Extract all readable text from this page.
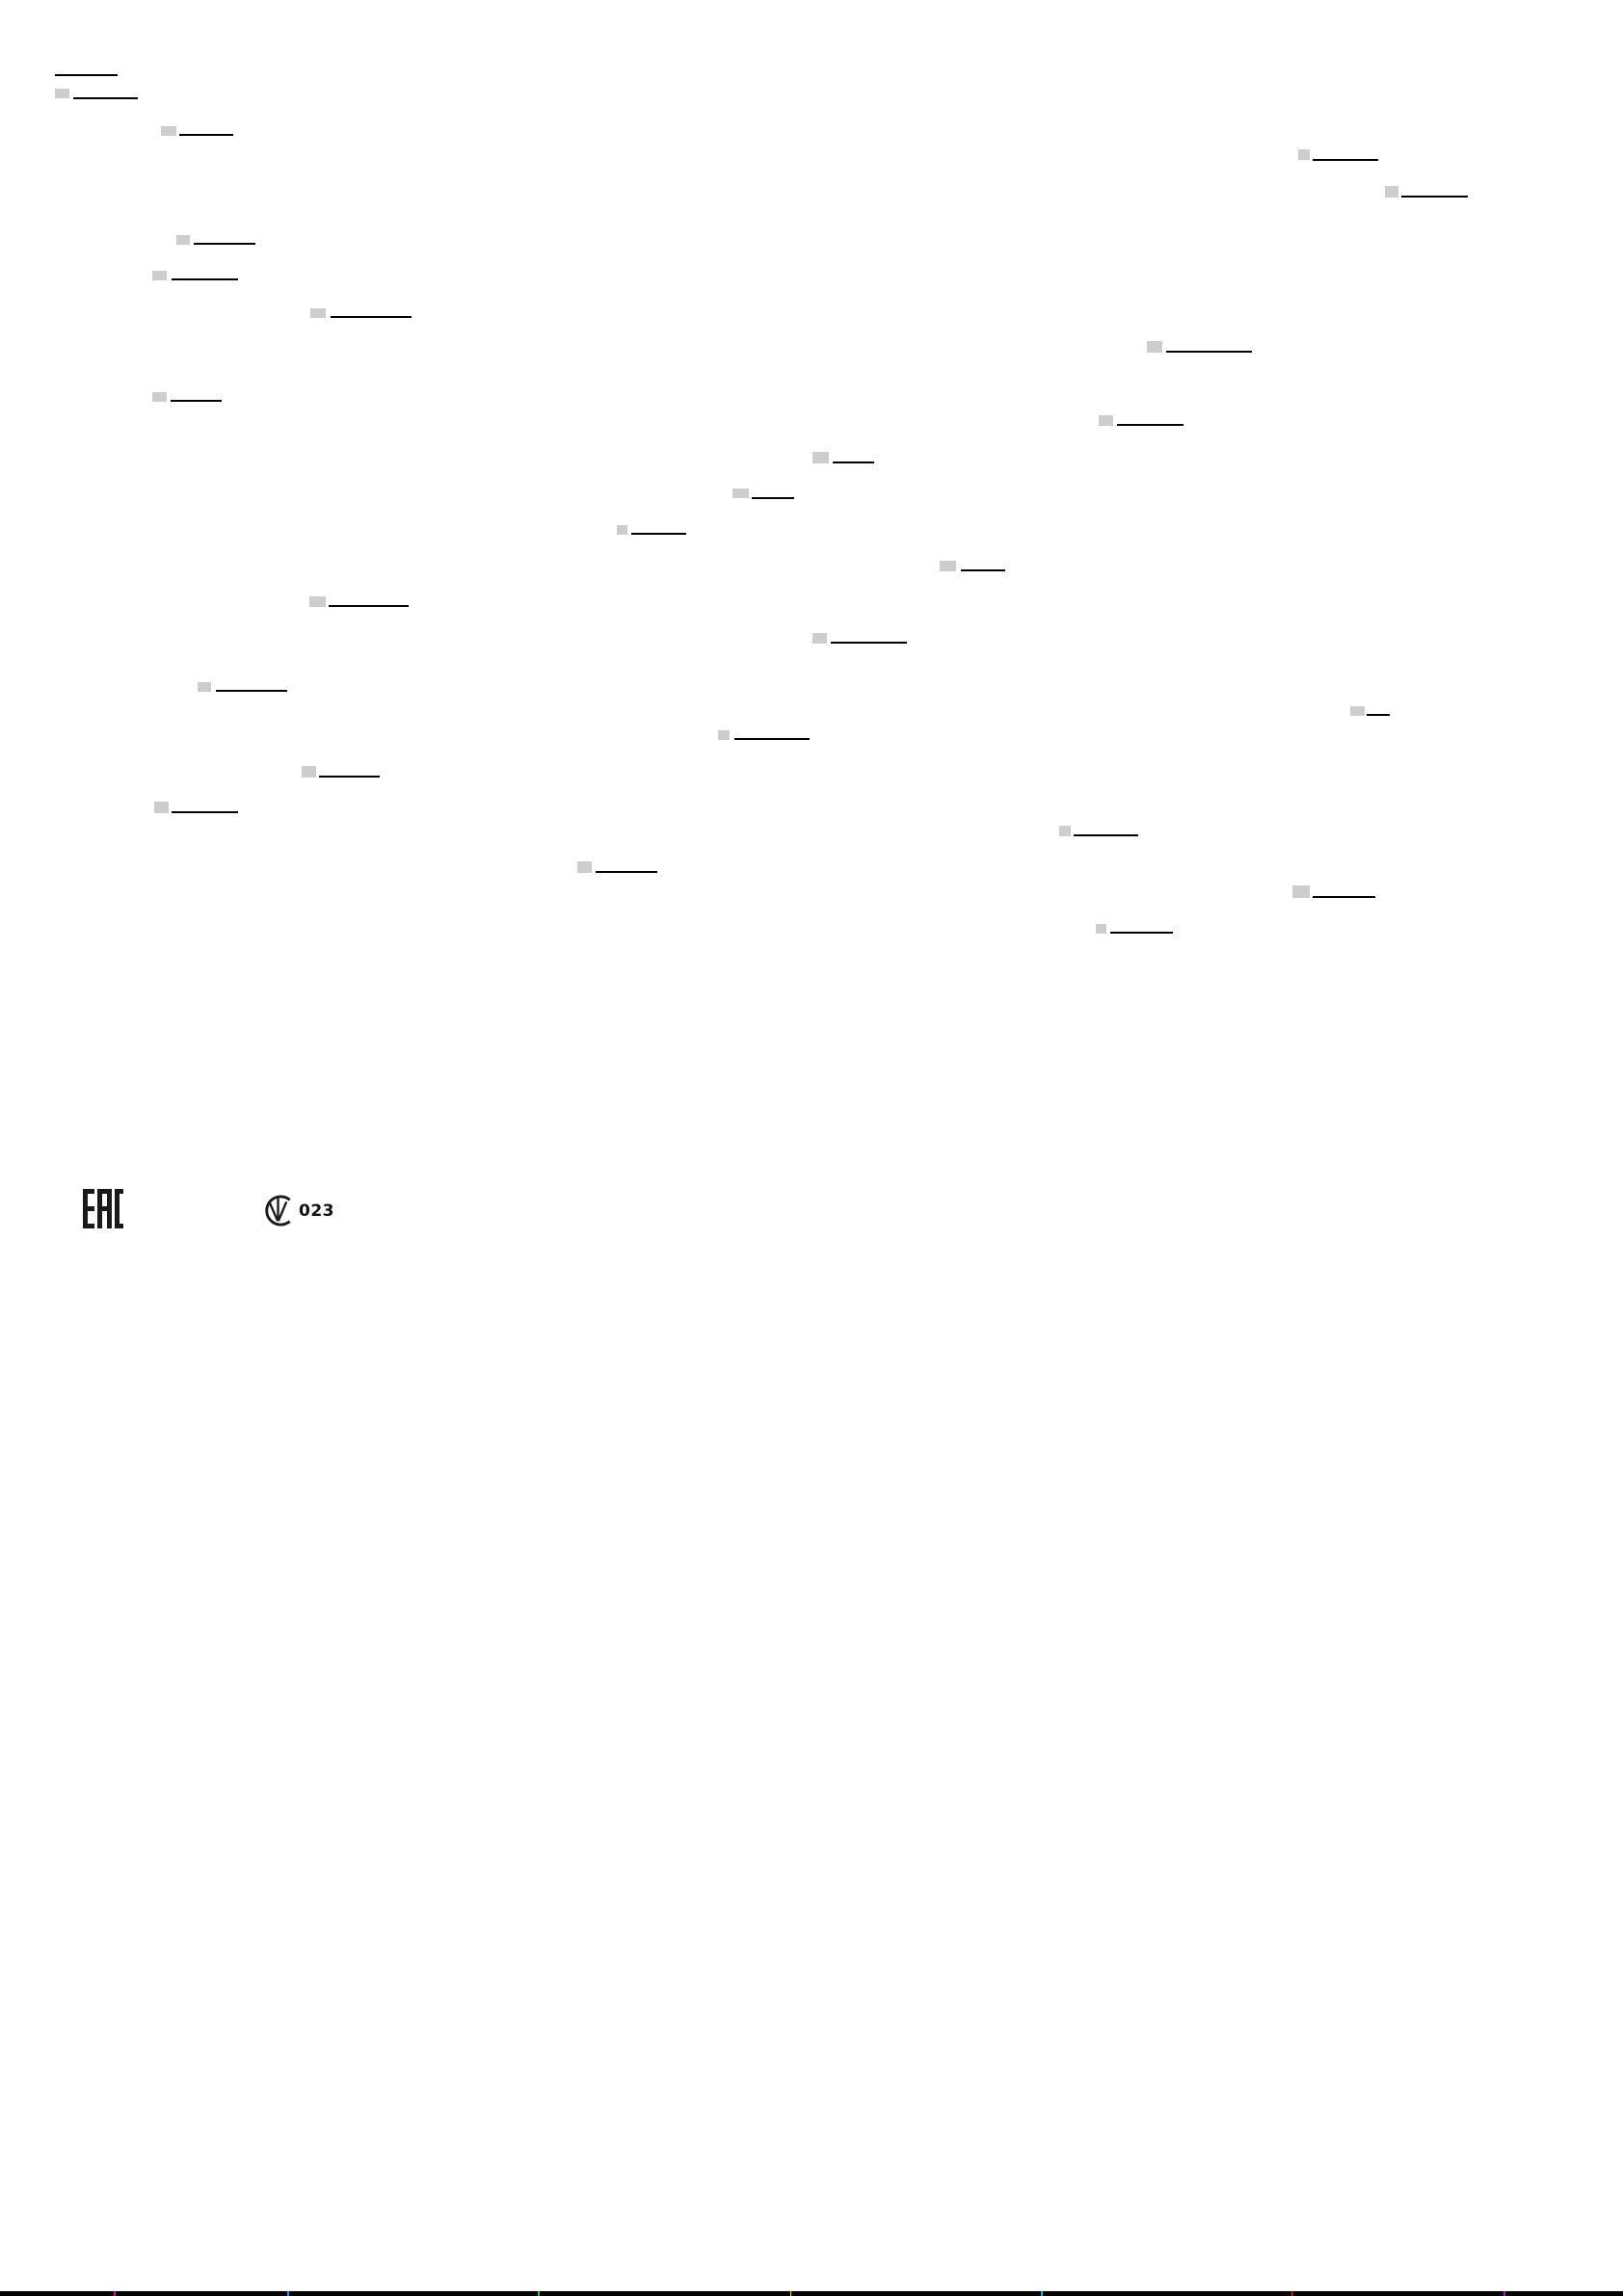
023
